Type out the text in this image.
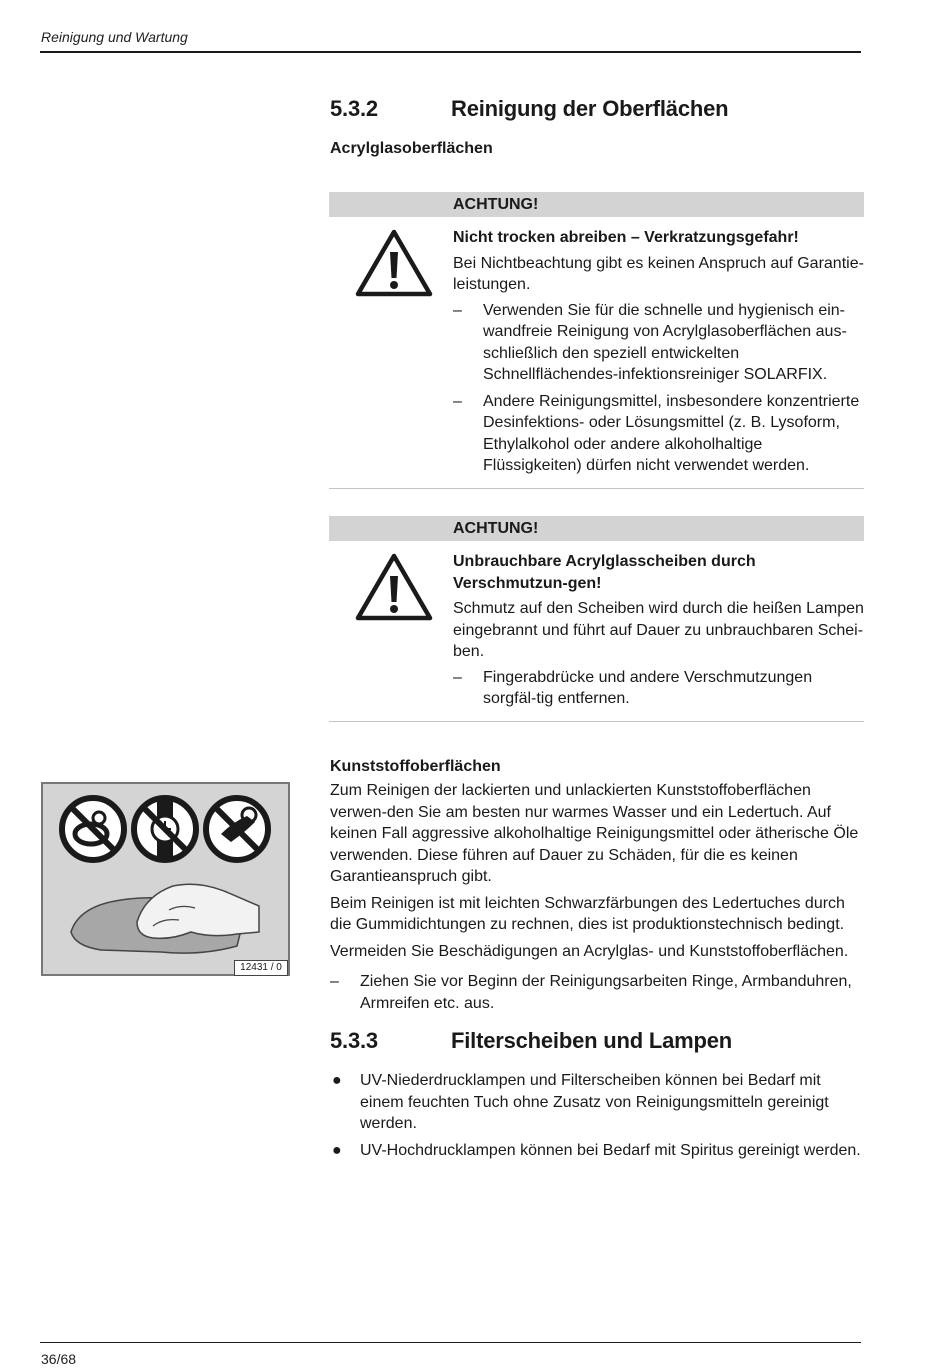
Reinigung und Wartung
5.3.2	Reinigung der Oberflächen
Acrylglasoberflächen
ACHTUNG!

Nicht trocken abreiben – Verkratzungsgefahr!

Bei Nichtbeachtung gibt es keinen Anspruch auf Garantie-leistungen.

– Verwenden Sie für die schnelle und hygienisch ein-wandfreie Reinigung von Acrylglasoberflächen aus-schließlich den speziell entwickelten Schnellflächendes-infektionsreiniger SOLARFIX.
– Andere Reinigungsmittel, insbesondere konzentrierte Desinfektions- oder Lösungsmittel (z. B. Lysoform, Ethylalkohol oder andere alkoholhaltige Flüssigkeiten) dürfen nicht verwendet werden.
ACHTUNG!

Unbrauchbare Acrylglasscheiben durch Verschmutzun-gen!

Schmutz auf den Scheiben wird durch die heißen Lampen eingebrannt und führt auf Dauer zu unbrauchbaren Schei-ben.

– Fingerabdrücke und andere Verschmutzungen sorgfäl-tig entfernen.
Kunststoffoberflächen

Zum Reinigen der lackierten und unlackierten Kunststoffoberflächen verwen-den Sie am besten nur warmes Wasser und ein Ledertuch. Auf keinen Fall aggressive alkoholhaltige Reinigungsmittel oder ätherische Öle verwenden. Diese führen auf Dauer zu Schäden, für die es keinen Garantieanspruch gibt.

Beim Reinigen ist mit leichten Schwarzfärbungen des Ledertuches durch die Gummidichtungen zu rechnen, dies ist produktionstechnisch bedingt.

Vermeiden Sie Beschädigungen an Acrylglas- und Kunststoffoberflächen.

– Ziehen Sie vor Beginn der Reinigungsarbeiten Ringe, Armbanduhren, Armreifen etc. aus.
12431 / 0
5.3.3	Filterscheiben und Lampen
● UV-Niederdrucklampen und Filterscheiben können bei Bedarf mit einem feuchten Tuch ohne Zusatz von Reinigungsmitteln gereinigt werden.
● UV-Hochdrucklampen können bei Bedarf mit Spiritus gereinigt werden.
36/68
